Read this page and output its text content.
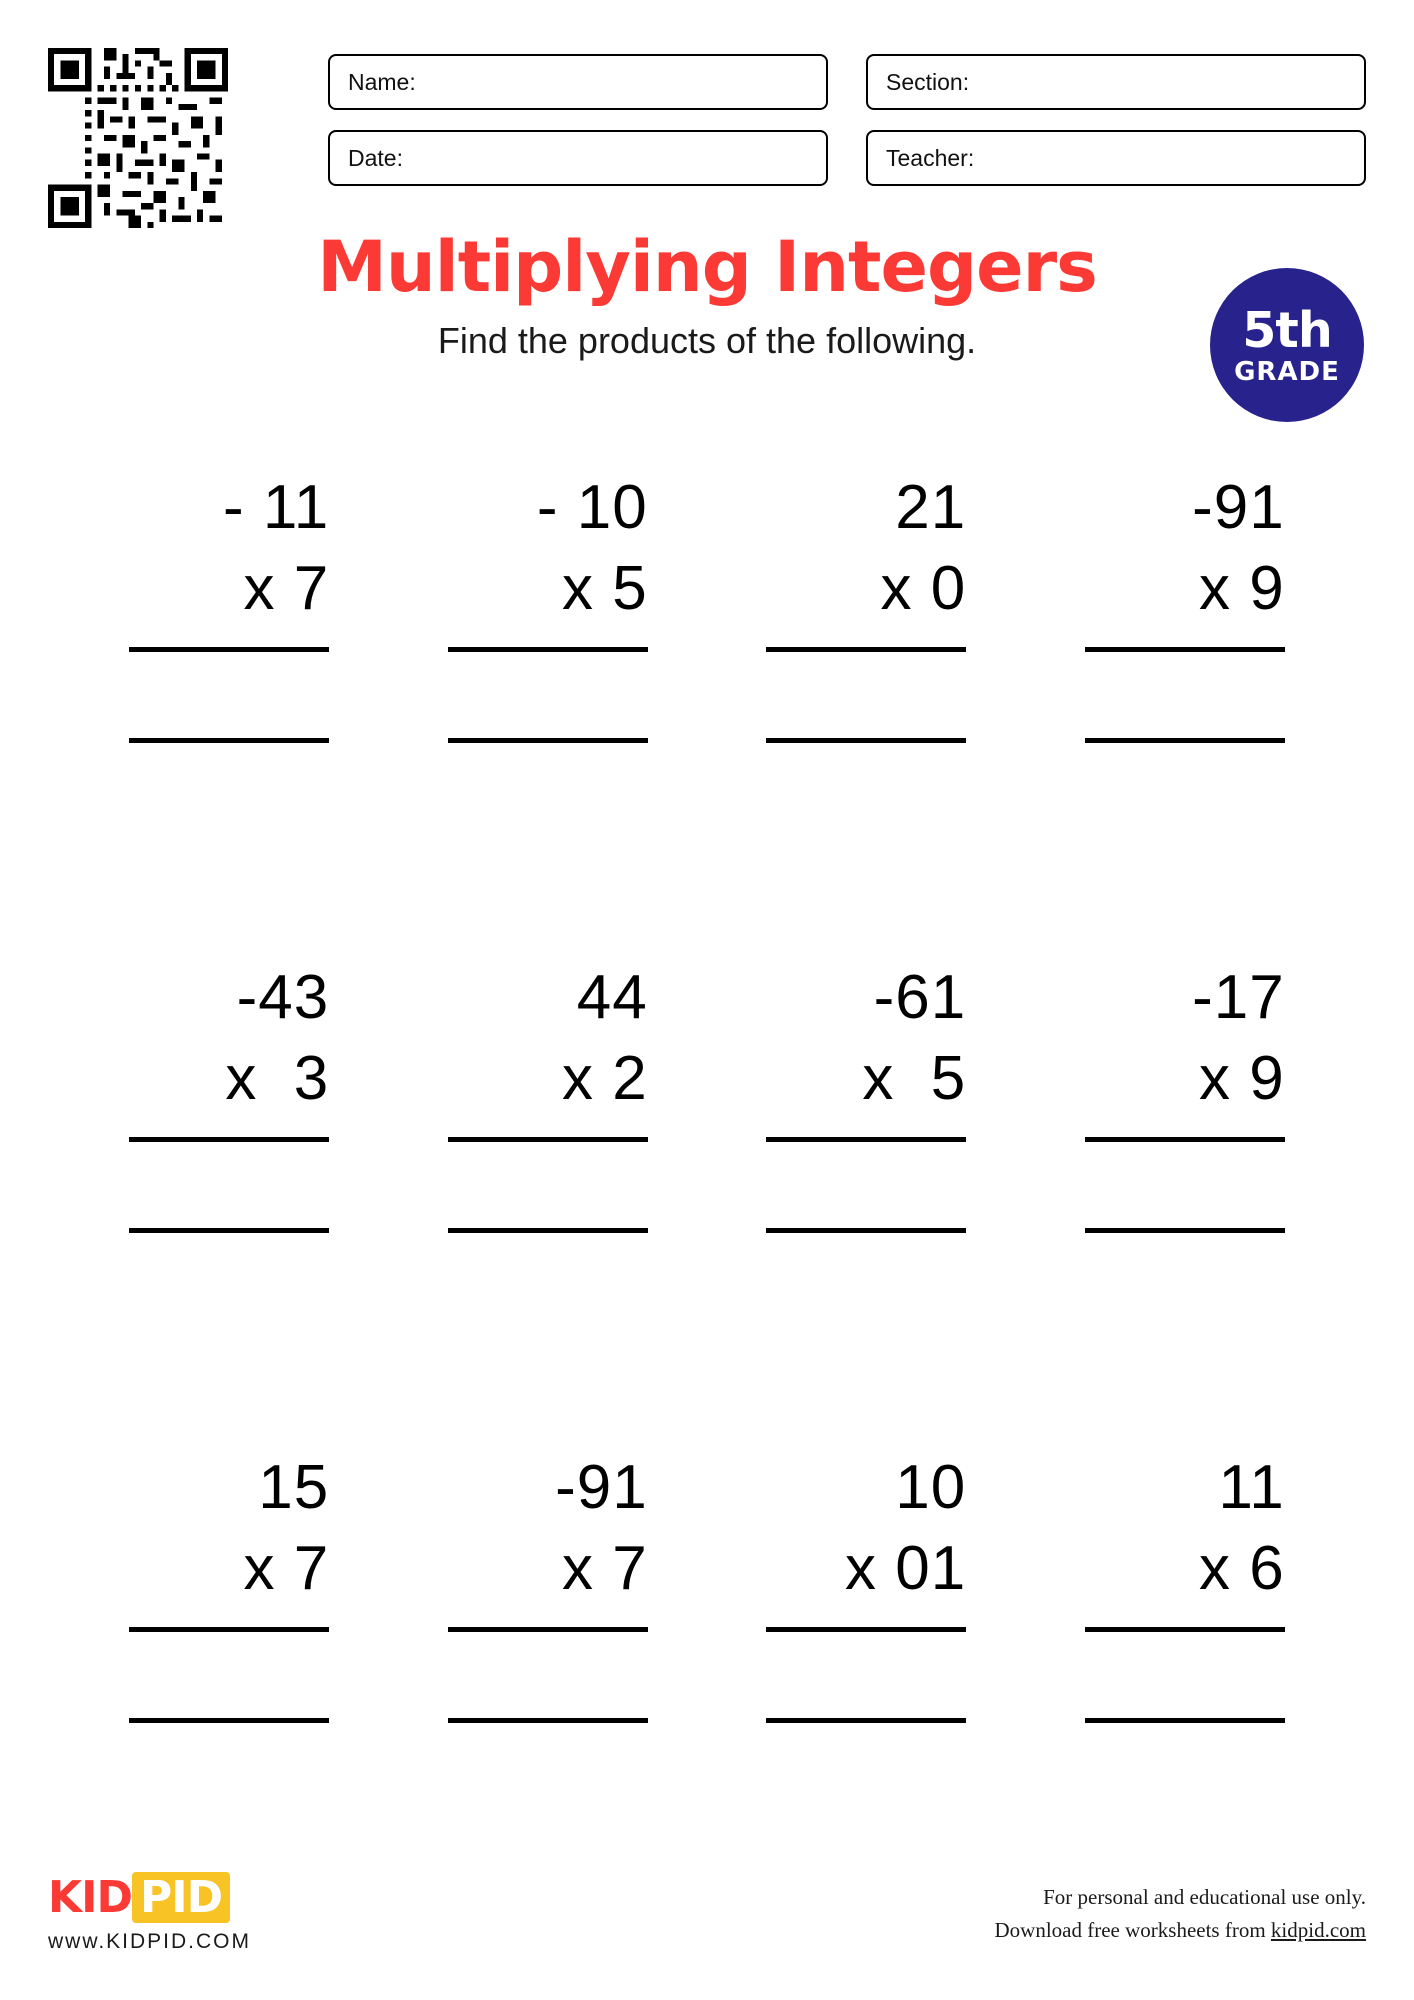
Name:	Section:
Date:	Teacher:
Multiplying Integers
Find the products of the following.	5th
GRADE
- 11
x 7
- 10
x 5
21
x 0
-91
x 9
-43
x  3
44
x 2
-61
x  5
-17
x 9
15
x 7
-91
x 7
10
x 01
11
x 6
KID PID
www.KIDPID.COM
For personal and educational use only.
Download free worksheets from kidpid.com
